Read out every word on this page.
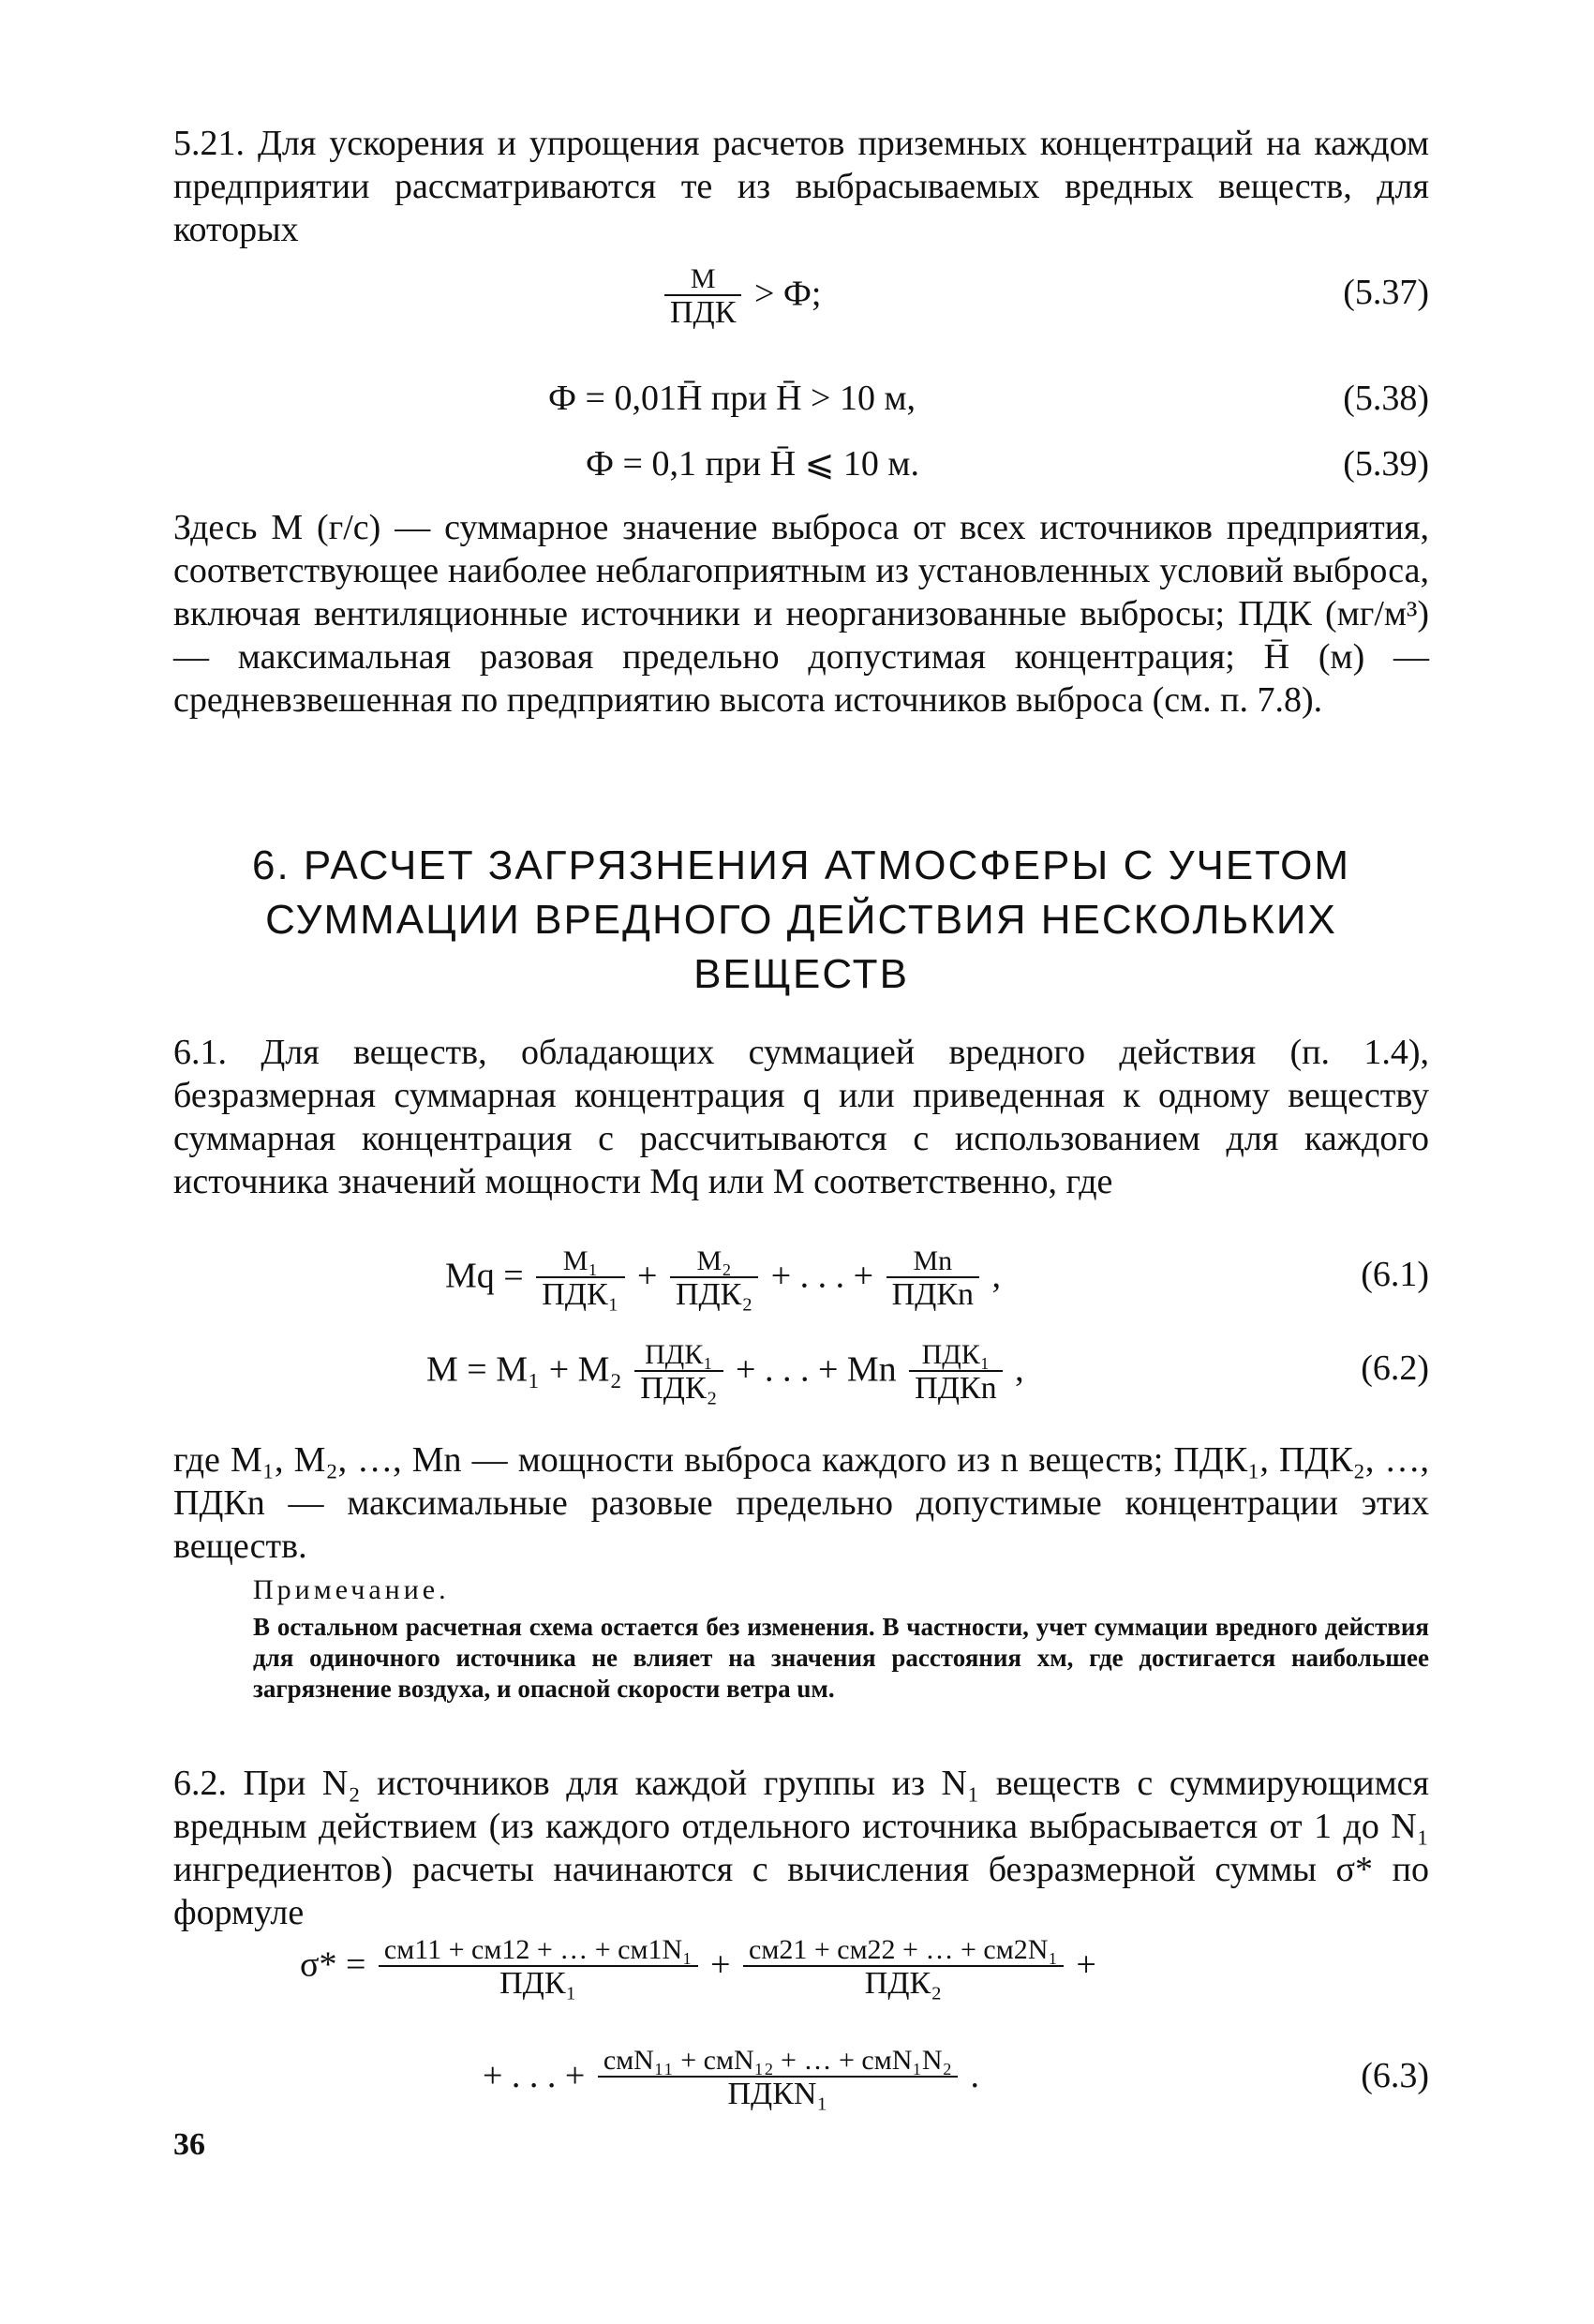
5.21. Для ускорения и упрощения расчетов приземных концентраций на каждом предприятии рассматриваются те из выбрасываемых вредных веществ, для которых
$\frac{M}{\text{ПДК}} > Ф$;	(5.37)
Ф = 0,01H̄ при H̄ > 10 м,	(5.38)
Ф = 0,1 при H̄ ⩽ 10 м.	(5.39)
Здесь M (г/с) — суммарное значение выброса от всех источников предприятия, соответствующее наиболее неблагоприятным из установленных условий выброса, включая вентиляционные источники и неорганизованные выбросы; ПДК (мг/м³) — максимальная разовая предельно допустимая концентрация; H̄ (м) — средневзвешенная по предприятию высота источников выброса (см. п. 7.8).
6. РАСЧЕТ ЗАГРЯЗНЕНИЯ АТМОСФЕРЫ С УЧЕТОМ
СУММАЦИИ ВРЕДНОГО ДЕЙСТВИЯ НЕСКОЛЬКИХ
ВЕЩЕСТВ
6.1. Для веществ, обладающих суммацией вредного действия (п. 1.4), безразмерная суммарная концентрация q или приведенная к одному веществу суммарная концентрация c рассчитываются с использованием для каждого источника значений мощности Mq или M соответственно, где
$Mq = \frac{\text{M₁}}{\text{ПДК₁}} + \frac{\text{M₂}}{\text{ПДК₂}}$ + . . . + $\frac{Mn}{\text{ПДКn}}$ ,	(6.1)
$M = M_1 + M_2 \frac{\text{ПДК₁}}{\text{ПДК₂}}$ + . . . + Mn $\frac{\text{ПДК₁}}{\text{ПДКn}}$ ,	(6.2)
где M₁, M₂, …, Mn — мощности выброса каждого из n веществ; ПДК₁, ПДК₂, …, ПДКn — максимальные разовые предельно допустимые концентрации этих веществ.
Примечание.
В остальном расчетная схема остается без изменения. В частности, учет суммации вредного действия для одиночного источника не влияет на значения расстояния xм, где достигается наибольшее загрязнение воздуха, и опасной скорости ветра uм.
6.2. При N₂ источников для каждой группы из N₁ веществ с суммирующимся вредным действием (из каждого отдельного источника выбрасывается от 1 до N₁ ингредиентов) расчеты начинаются с вычисления безразмерной суммы σ* по формуле
$\sigma* = \frac{\text{cм11 + cм12 + … + cм1N₁}}{\text{ПДК₁}} + \frac{\text{cм21 + cм22 + … + cм2N₁}}{\text{ПДК₂}}$ +
+ . . . + $\frac{\text{cмN₁₁ + cмN₁₂ + … + cмN₁N₂}}{\text{ПДКN₁}}$ .	(6.3)
36
